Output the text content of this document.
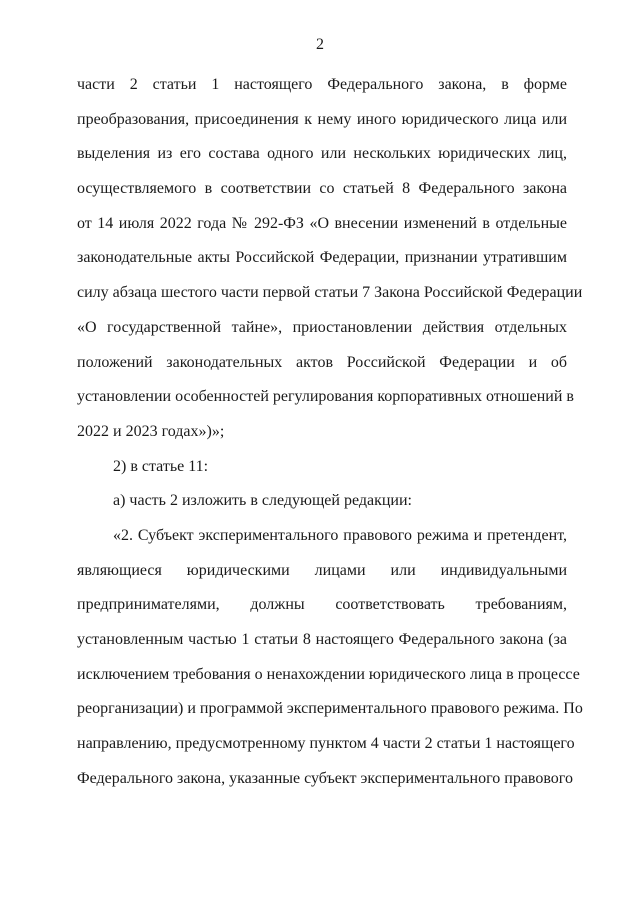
2
части 2 статьи 1 настоящего Федерального закона, в форме
преобразования, присоединения к нему иного юридического лица или
выделения из его состава одного или нескольких юридических лиц,
осуществляемого в соответствии со статьей 8 Федерального закона
от 14 июля 2022 года № 292-ФЗ «О внесении изменений в отдельные
законодательные акты Российской Федерации, признании утратившим
силу абзаца шестого части первой статьи 7 Закона Российской Федерации
«О государственной тайне», приостановлении действия отдельных
положений законодательных актов Российской Федерации и об
установлении особенностей регулирования корпоративных отношений в
2022 и 2023 годах»)»;
2) в статье 11:
а) часть 2 изложить в следующей редакции:
«2. Субъект экспериментального правового режима и претендент,
являющиеся юридическими лицами или индивидуальными
предпринимателями, должны соответствовать требованиям,
установленным частью 1 статьи 8 настоящего Федерального закона (за
исключением требования о ненахождении юридического лица в процессе
реорганизации) и программой экспериментального правового режима. По
направлению, предусмотренному пунктом 4 части 2 статьи 1 настоящего
Федерального закона, указанные субъект экспериментального правового
